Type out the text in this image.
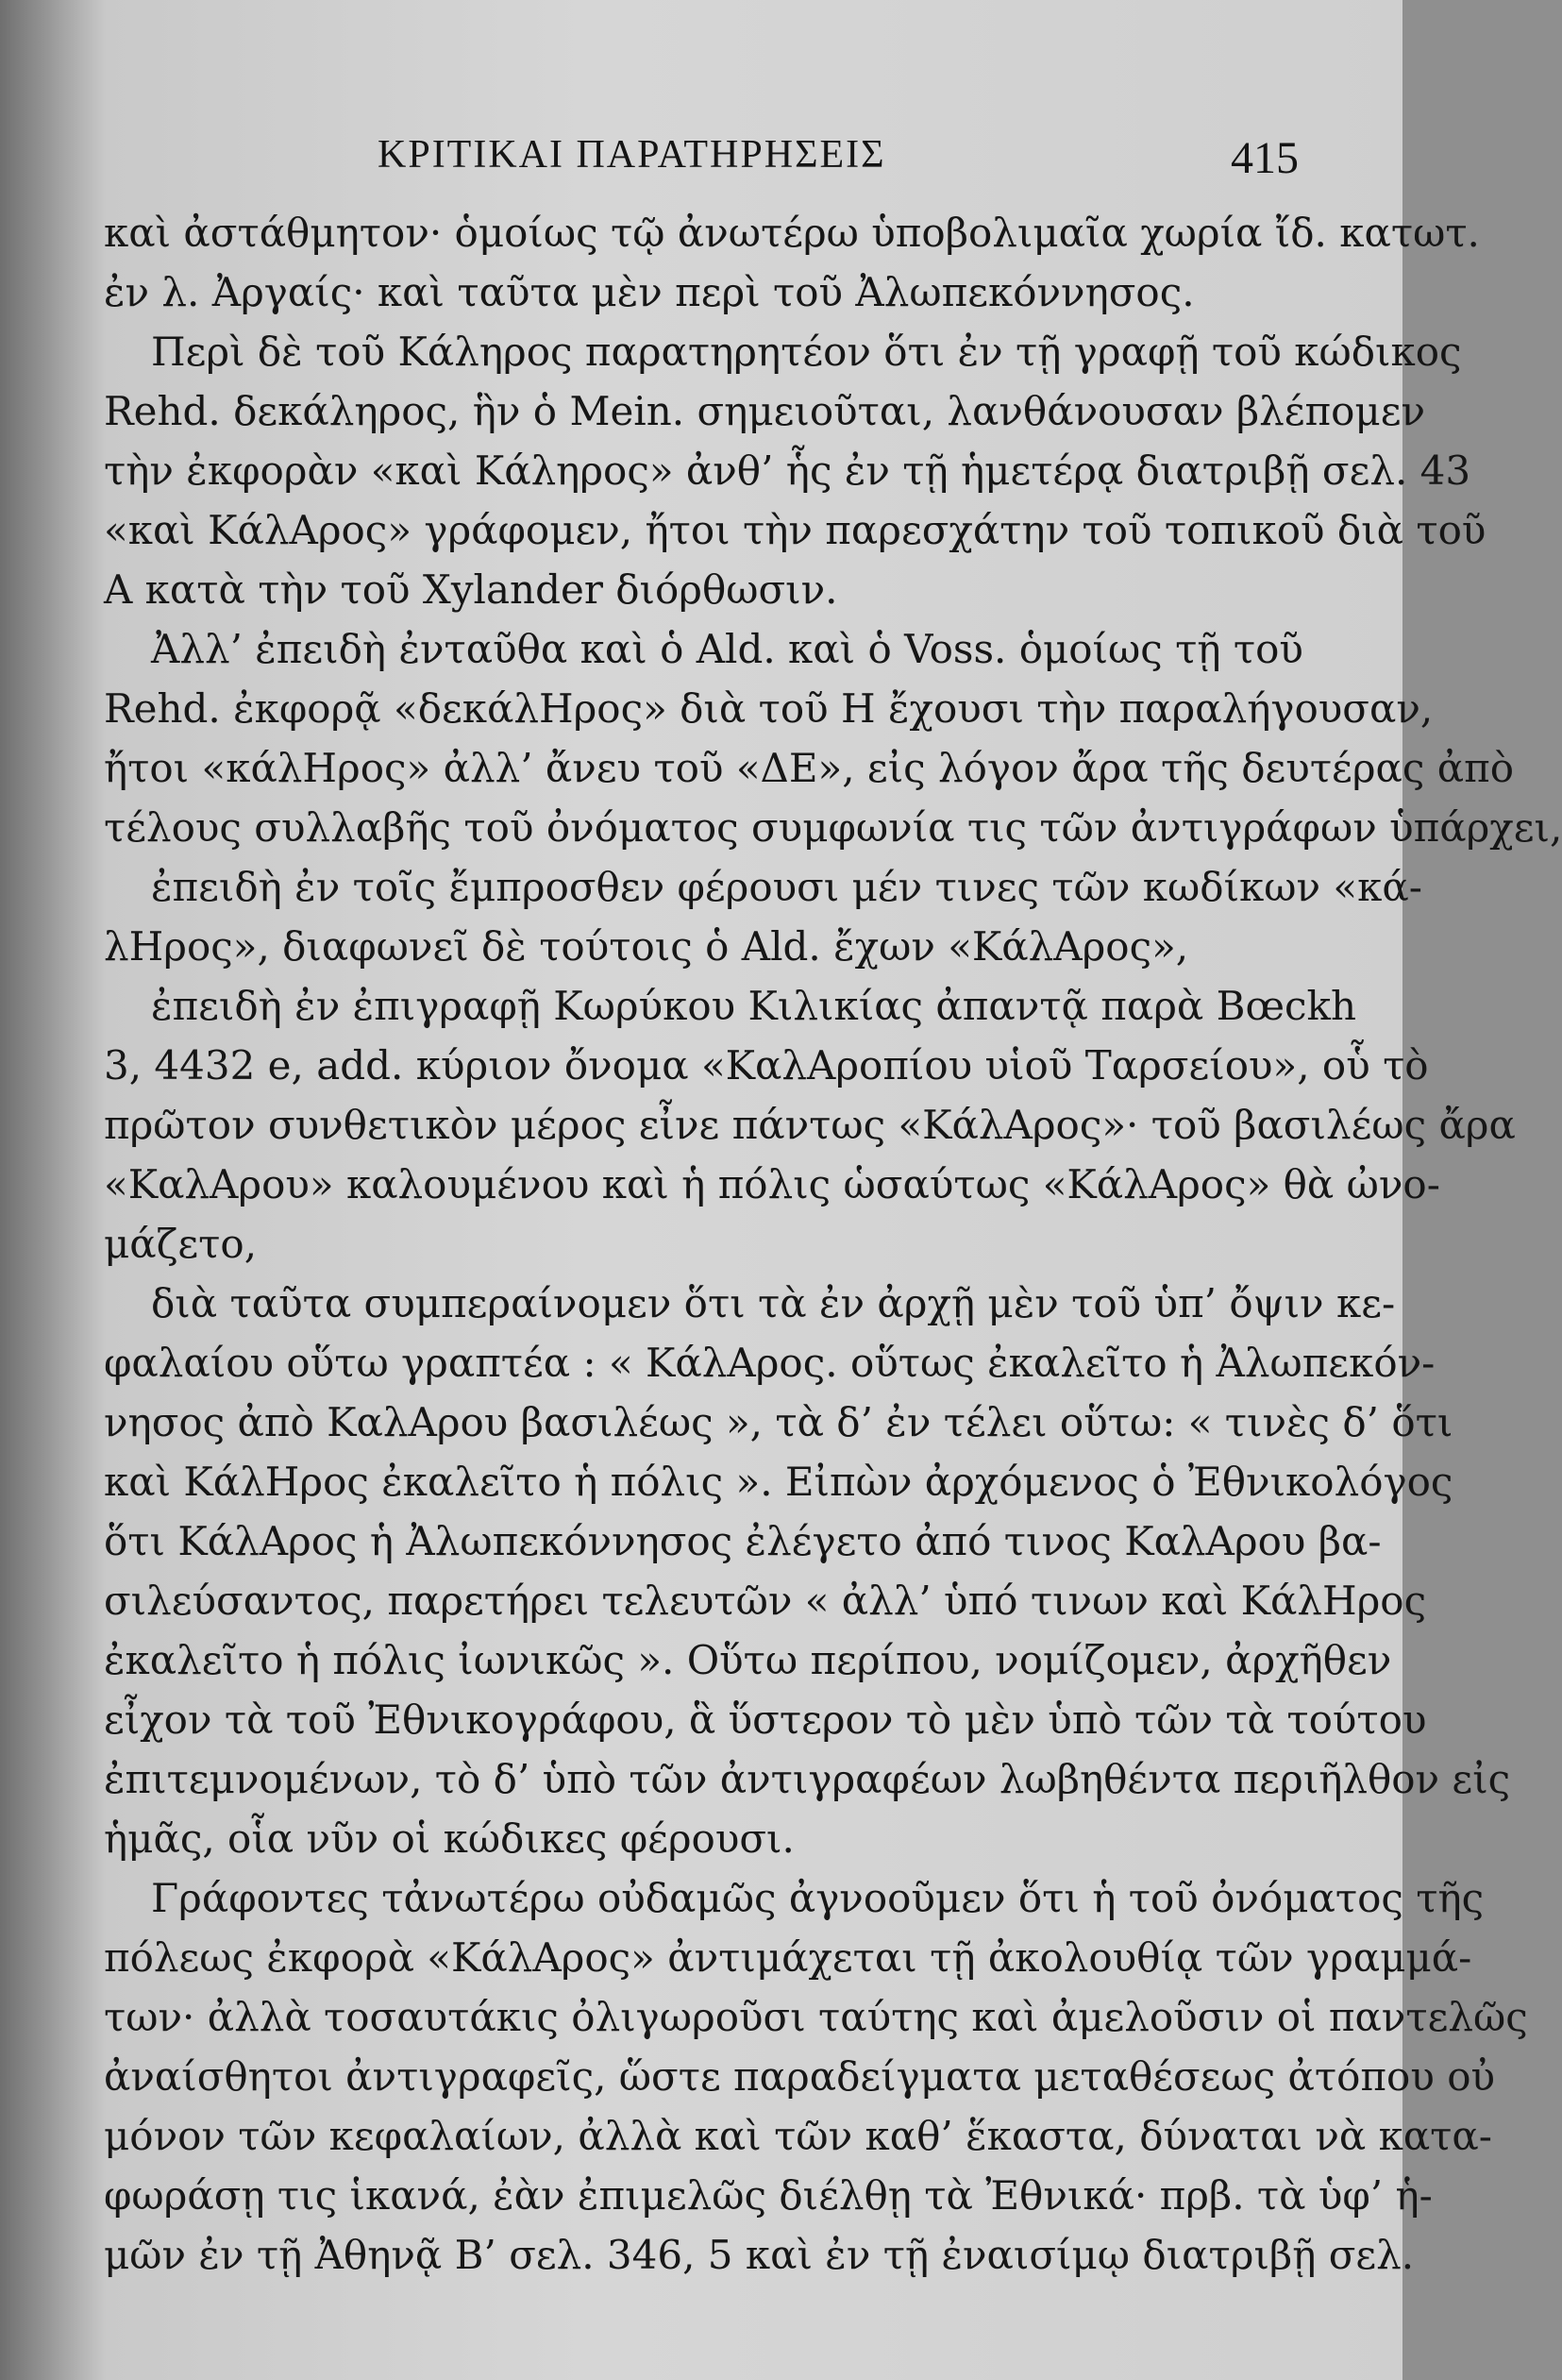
ΚΡΙΤΙΚΑΙ ΠΑΡΑΤΗΡΗΣΕΙΣ	415
καὶ ἀστάθμητον· ὁμοίως τῷ ἀνωτέρω ὑποβολιμαῖα χωρία ἴδ. κατωτ.
ἐν λ. Ἀργαίς· καὶ ταῦτα μὲν περὶ τοῦ Ἀλωπεκόννησος.
Περὶ δὲ τοῦ Κάληρος παρατηρητέον ὅτι ἐν τῇ γραφῇ τοῦ κώδικος
Rehd. δεκάληρος, ἣν ὁ Mein. σημειοῦται, λανθάνουσαν βλέπομεν
τὴν ἐκφορὰν «καὶ Κάληρος» ἀνθ’ ἧς ἐν τῇ ἡμετέρᾳ διατριβῇ σελ. 43
«καὶ ΚάλΑρος» γράφομεν, ἤτοι τὴν παρεσχάτην τοῦ τοπικοῦ διὰ τοῦ
Α κατὰ τὴν τοῦ Xylander διόρθωσιν.
Ἀλλ’ ἐπειδὴ ἐνταῦθα καὶ ὁ Ald. καὶ ὁ Voss. ὁμοίως τῇ τοῦ
Rehd. ἐκφορᾷ «δεκάλΗρος» διὰ τοῦ Η ἔχουσι τὴν παραλήγουσαν,
ἤτοι «κάλΗρος» ἀλλ’ ἄνευ τοῦ «ΔΕ», εἰς λόγον ἄρα τῆς δευτέρας ἀπὸ
τέλους συλλαβῆς τοῦ ὀνόματος συμφωνία τις τῶν ἀντιγράφων ὑπάρχει,
ἐπειδὴ ἐν τοῖς ἔμπροσθεν φέρουσι μέν τινες τῶν κωδίκων «κά-
λΗρος», διαφωνεῖ δὲ τούτοις ὁ Ald. ἔχων «ΚάλΑρος»,
ἐπειδὴ ἐν ἐπιγραφῇ Κωρύκου Κιλικίας ἀπαντᾷ παρὰ Bœckh
3, 4432 e, add. κύριον ὄνομα «ΚαλΑροπίου υἱοῦ Ταρσείου», οὗ τὸ
πρῶτον συνθετικὸν μέρος εἶνε πάντως «ΚάλΑρος»· τοῦ βασιλέως ἄρα
«ΚαλΑρου» καλουμένου καὶ ἡ πόλις ὡσαύτως «ΚάλΑρος» θὰ ὠνο-
μάζετο,
διὰ ταῦτα συμπεραίνομεν ὅτι τὰ ἐν ἀρχῇ μὲν τοῦ ὑπ’ ὄψιν κε-
φαλαίου οὕτω γραπτέα : « ΚάλΑρος. οὕτως ἐκαλεῖτο ἡ Ἀλωπεκόν-
νησος ἀπὸ ΚαλΑρου βασιλέως », τὰ δ’ ἐν τέλει οὕτω: « τινὲς δ’ ὅτι
καὶ ΚάλΗρος ἐκαλεῖτο ἡ πόλις ». Εἰπὼν ἀρχόμενος ὁ Ἐθνικολόγος
ὅτι ΚάλΑρος ἡ Ἀλωπεκόννησος ἐλέγετο ἀπό τινος ΚαλΑρου βα-
σιλεύσαντος, παρετήρει τελευτῶν « ἀλλ’ ὑπό τινων καὶ ΚάλΗρος
ἐκαλεῖτο ἡ πόλις ἰωνικῶς ». Οὕτω περίπου, νομίζομεν, ἀρχῆθεν
εἶχον τὰ τοῦ Ἐθνικογράφου, ἃ ὕστερον τὸ μὲν ὑπὸ τῶν τὰ τούτου
ἐπιτεμνομένων, τὸ δ’ ὑπὸ τῶν ἀντιγραφέων λωβηθέντα περιῆλθον εἰς
ἡμᾶς, οἷα νῦν οἱ κώδικες φέρουσι.
Γράφοντες τἀνωτέρω οὐδαμῶς ἀγνοοῦμεν ὅτι ἡ τοῦ ὀνόματος τῆς
πόλεως ἐκφορὰ «ΚάλΑρος» ἀντιμάχεται τῇ ἀκολουθίᾳ τῶν γραμμά-
των· ἀλλὰ τοσαυτάκις ὀλιγωροῦσι ταύτης καὶ ἀμελοῦσιν οἱ παντελῶς
ἀναίσθητοι ἀντιγραφεῖς, ὥστε παραδείγματα μεταθέσεως ἀτόπου οὐ
μόνον τῶν κεφαλαίων, ἀλλὰ καὶ τῶν καθ’ ἕκαστα, δύναται νὰ κατα-
φωράσῃ τις ἱκανά, ἐὰν ἐπιμελῶς διέλθῃ τὰ Ἐθνικά· πρβ. τὰ ὑφ’ ἡ-
μῶν ἐν τῇ Ἀθηνᾷ Β’ σελ. 346, 5 καὶ ἐν τῇ ἐναισίμῳ διατριβῇ σελ.
